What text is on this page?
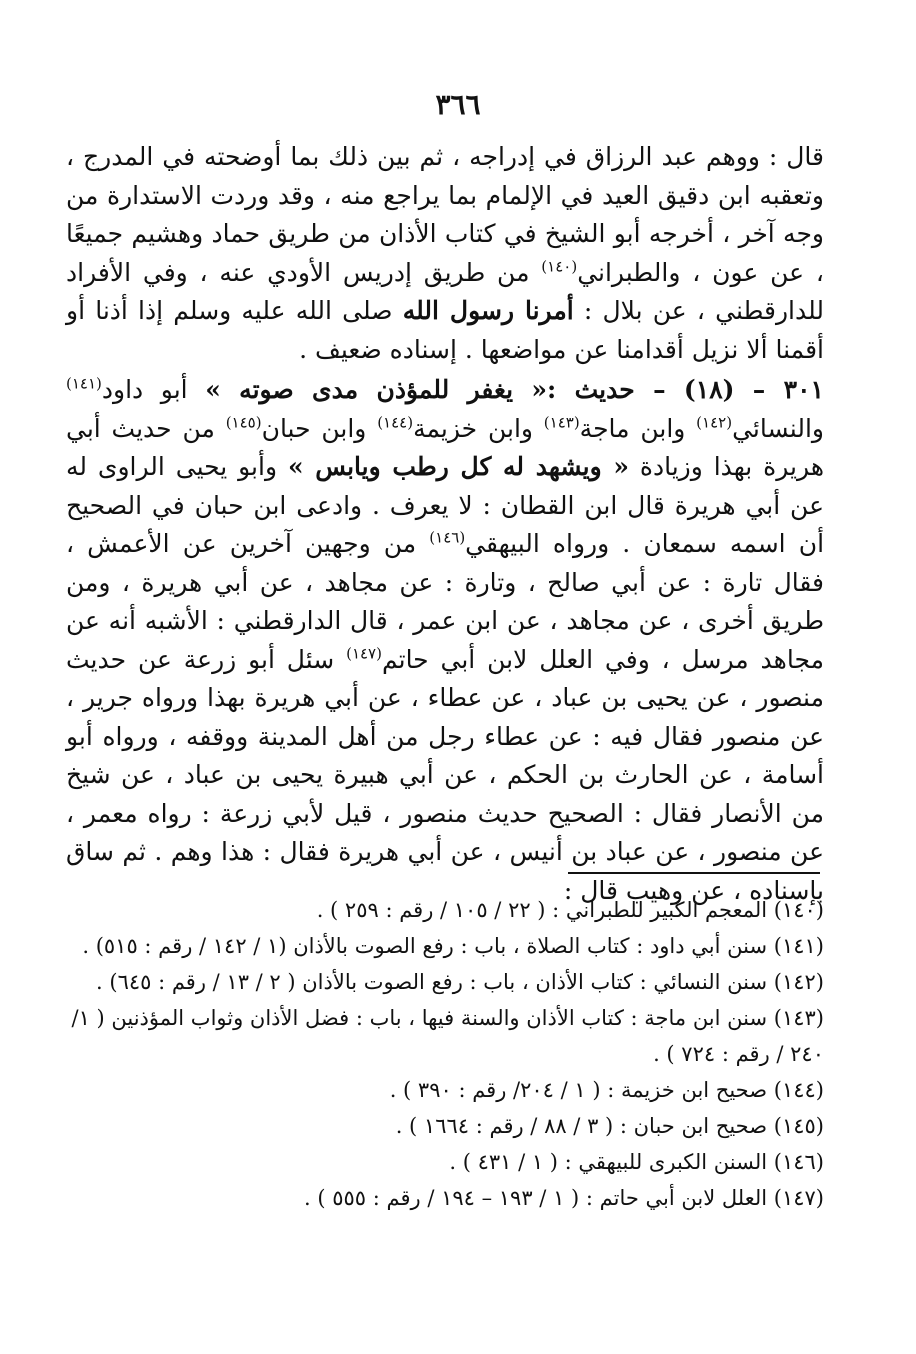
٣٦٦

قال : ووهم عبد الرزاق في إدراجه ، ثم بين ذلك بما أوضحته في المدرج ، وتعقبه ابن دقيق العيد في الإلمام بما يراجع منه ، وقد وردت الاستدارة من وجه آخر ، أخرجه أبو الشيخ في كتاب الأذان من طريق حماد وهشيم جميعًا ، عن عون ، والطبراني$^{(١٤٠)}$ من طريق إدريس الأودي عنه ، وفي الأفراد للدارقطني ، عن بلال : أمرنا رسول الله صلى الله عليه وسلم إذا أذنا أو أقمنا ألا نزيل أقدامنا عن مواضعها . إسناده ضعيف .

٣٠١ – (١٨) – حديث :« يغفر للمؤذن مدى صوته » أبو داود$^{(١٤١)}$ والنسائي$^{(١٤٢)}$ وابن ماجة$^{(١٤٣)}$ وابن خزيمة$^{(١٤٤)}$ وابن حبان$^{(١٤٥)}$ من حديث أبي هريرة بهذا وزيادة « ويشهد له كل رطب ويابس » وأبو يحيى الراوى له عن أبي هريرة قال ابن القطان : لا يعرف . وادعى ابن حبان في الصحيح أن اسمه سمعان . ورواه البيهقي$^{(١٤٦)}$ من وجهين آخرين عن الأعمش ، فقال تارة : عن أبي صالح ، وتارة : عن مجاهد ، عن أبي هريرة ، ومن طريق أخرى ، عن مجاهد ، عن ابن عمر ، قال الدارقطني : الأشبه أنه عن مجاهد مرسل ، وفي العلل لابن أبي حاتم$^{(١٤٧)}$ سئل أبو زرعة عن حديث منصور ، عن يحيى بن عباد ، عن عطاء ، عن أبي هريرة بهذا ورواه جرير ، عن منصور فقال فيه : عن عطاء رجل من أهل المدينة ووقفه ، ورواه أبو أسامة ، عن الحارث بن الحكم ، عن أبي هبيرة يحيى بن عباد ، عن شيخ من الأنصار فقال : الصحيح حديث منصور ، قيل لأبي زرعة : رواه معمر ، عن منصور ، عن عباد بن أنيس ، عن أبي هريرة فقال : هذا وهم . ثم ساق بإسناده ، عن وهيب قال :

(١٤٠) المعجم الكبير للطبراني : ( ٢٢ / ١٠٥ / رقم : ٢٥٩ ) .
(١٤١) سنن أبي داود : كتاب الصلاة ، باب : رفع الصوت بالأذان (١ / ١٤٢ / رقم : ٥١٥) .
(١٤٢) سنن النسائي : كتاب الأذان ، باب : رفع الصوت بالأذان ( ٢ / ١٣ / رقم : ٦٤٥) .
(١٤٣) سنن ابن ماجة : كتاب الأذان والسنة فيها ، باب : فضل الأذان وثواب المؤذنين ( ١/ ٢٤٠ / رقم : ٧٢٤ ) .
(١٤٤) صحيح ابن خزيمة : ( ١ / ٢٠٤/ رقم : ٣٩٠ ) .
(١٤٥) صحيح ابن حبان : ( ٣ / ٨٨ / رقم : ١٦٦٤ ) .
(١٤٦) السنن الكبرى للبيهقي : ( ١ / ٤٣١ ) .
(١٤٧) العلل لابن أبي حاتم : ( ١ / ١٩٣ – ١٩٤ / رقم : ٥٥٥ ) .
